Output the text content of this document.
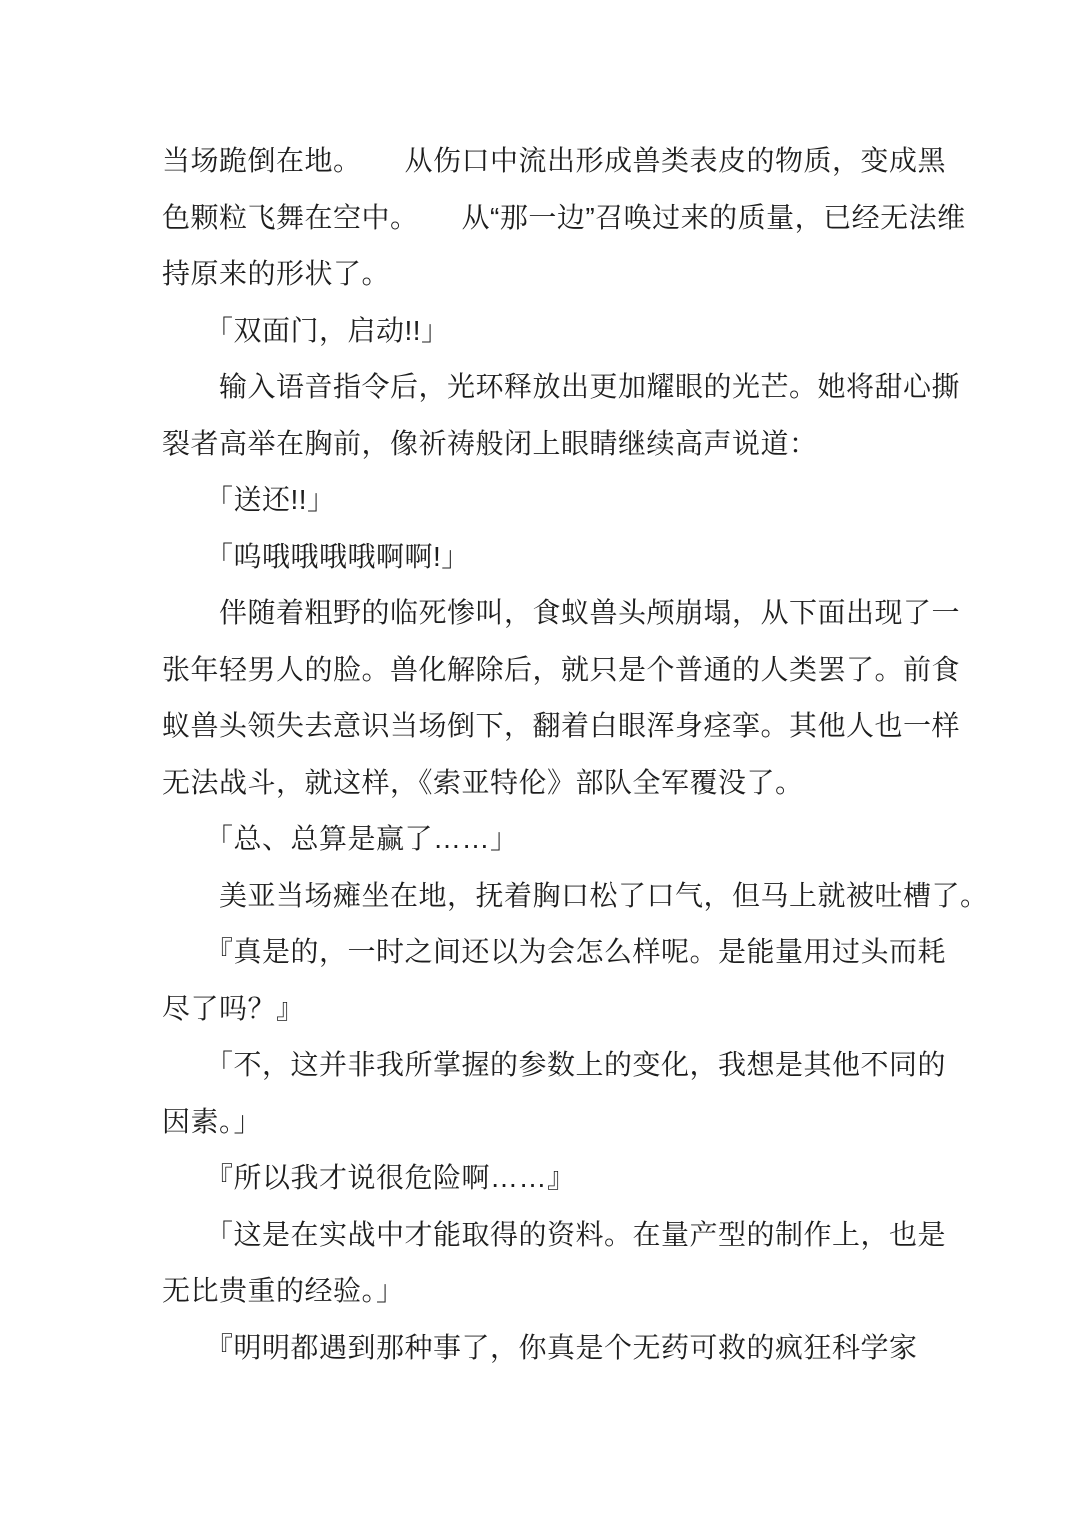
当场跪倒在地。　　从伤口中流出形成兽类表皮的物质，变成黑
色颗粒飞舞在空中。　　从“那一边”召唤过来的质量，已经无法维
持原来的形状了。
　　「双面门，启动!!」
　　输入语音指令后，光环释放出更加耀眼的光芒。她将甜心撕
裂者高举在胸前，像祈祷般闭上眼睛继续高声说道：
　　「送还!!」
　　「呜哦哦哦哦啊啊!」
　　伴随着粗野的临死惨叫，食蚁兽头颅崩塌，从下面出现了一
张年轻男人的脸。兽化解除后，就只是个普通的人类罢了。前食
蚁兽头领失去意识当场倒下，翻着白眼浑身痉挛。其他人也一样
无法战斗，就这样，《索亚特伦》部队全军覆没了。
　　「总、总算是赢了……」
　　美亚当场瘫坐在地，抚着胸口松了口气，但马上就被吐槽了。
　　『真是的，一时之间还以为会怎么样呢。是能量用过头而耗
尽了吗？』
　　「不，这并非我所掌握的参数上的变化，我想是其他不同的
因素。」
　　『所以我才说很危险啊……』
　　「这是在实战中才能取得的资料。在量产型的制作上，也是
无比贵重的经验。」
　　『明明都遇到那种事了，你真是个无药可救的疯狂科学家
